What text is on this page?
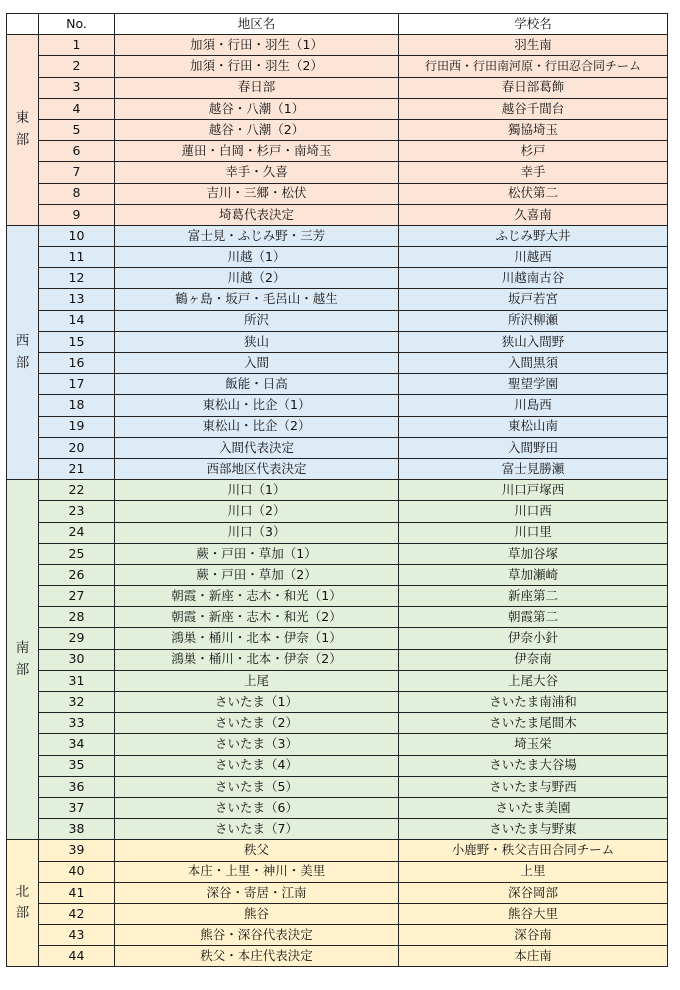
	No.	地区名	学校名
東
部	1	加須・行田・羽生（1）	羽生南
	2	加須・行田・羽生（2）	行田西・行田南河原・行田忍合同チーム
	3	春日部	春日部葛飾
	4	越谷・八潮（1）	越谷千間台
	5	越谷・八潮（2）	獨協埼玉
	6	蓮田・白岡・杉戸・南埼玉	杉戸
	7	幸手・久喜	幸手
	8	吉川・三郷・松伏	松伏第二
	9	埼葛代表決定	久喜南
西
部	10	富士見・ふじみ野・三芳	ふじみ野大井
	11	川越（1）	川越西
	12	川越（2）	川越南古谷
	13	鶴ヶ島・坂戸・毛呂山・越生	坂戸若宮
	14	所沢	所沢柳瀬
	15	狭山	狭山入間野
	16	入間	入間黒須
	17	飯能・日高	聖望学園
	18	東松山・比企（1）	川島西
	19	東松山・比企（2）	東松山南
	20	入間代表決定	入間野田
	21	西部地区代表決定	富士見勝瀬
南
部	22	川口（1）	川口戸塚西
	23	川口（2）	川口西
	24	川口（3）	川口里
	25	蕨・戸田・草加（1）	草加谷塚
	26	蕨・戸田・草加（2）	草加瀬崎
	27	朝霞・新座・志木・和光（1）	新座第二
	28	朝霞・新座・志木・和光（2）	朝霞第二
	29	鴻巣・桶川・北本・伊奈（1）	伊奈小針
	30	鴻巣・桶川・北本・伊奈（2）	伊奈南
	31	上尾	上尾大谷
	32	さいたま（1）	さいたま南浦和
	33	さいたま（2）	さいたま尾間木
	34	さいたま（3）	埼玉栄
	35	さいたま（4）	さいたま大谷場
	36	さいたま（5）	さいたま与野西
	37	さいたま（6）	さいたま美園
	38	さいたま（7）	さいたま与野東
北
部	39	秩父	小鹿野・秩父吉田合同チーム
	40	本庄・上里・神川・美里	上里
	41	深谷・寄居・江南	深谷岡部
	42	熊谷	熊谷大里
	43	熊谷・深谷代表決定	深谷南
	44	秩父・本庄代表決定	本庄南
